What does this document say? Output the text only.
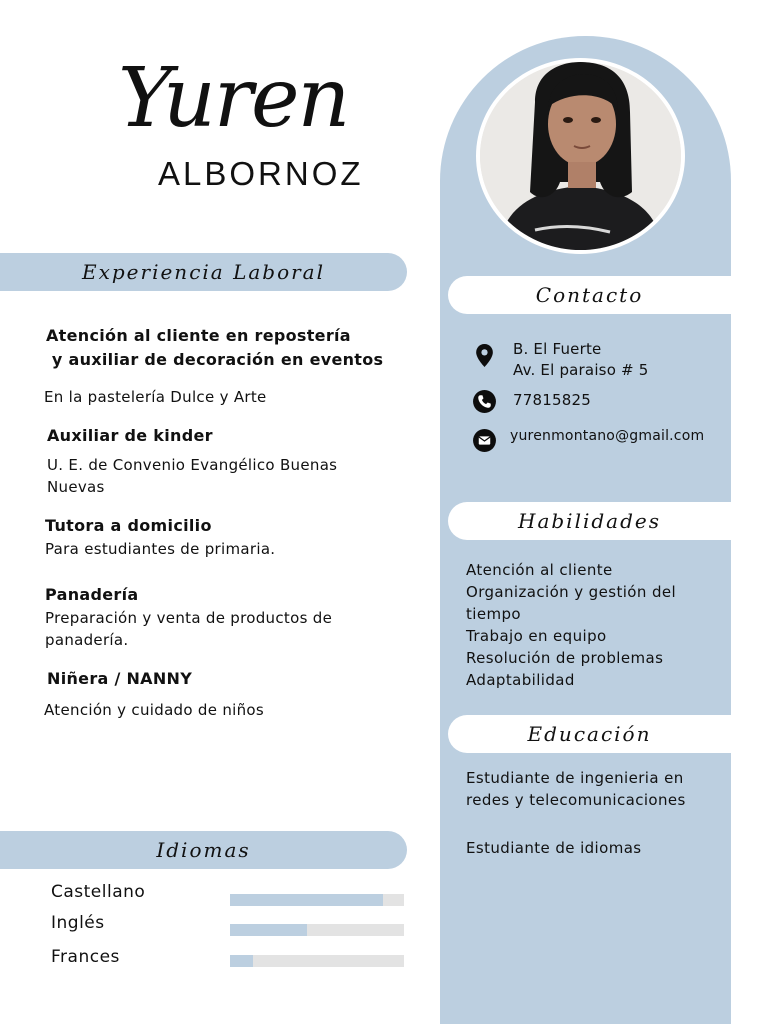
Yuren
ALBORNOZ
Experiencia Laboral
Atención al cliente en repostería
y auxiliar de decoración en eventos
En la pastelería Dulce y Arte
Auxiliar de kinder
U. E. de Convenio Evangélico Buenas Nuevas
Tutora a domicilio
Para estudiantes de primaria.
Panadería
Preparación y venta de productos de panadería.
Niñera / NANNY
Atención y cuidado de niños
Contacto
B. El Fuerte
Av. El paraiso # 5
77815825
yurenmontano@gmail.com
Habilidades
Atención al cliente
Organización y gestión del tiempo
Trabajo en equipo
Resolución de problemas
Adaptabilidad
Educación
Estudiante de ingenieria en redes y telecomunicaciones
Estudiante de idiomas
Idiomas
Castellano
Inglés
Frances
